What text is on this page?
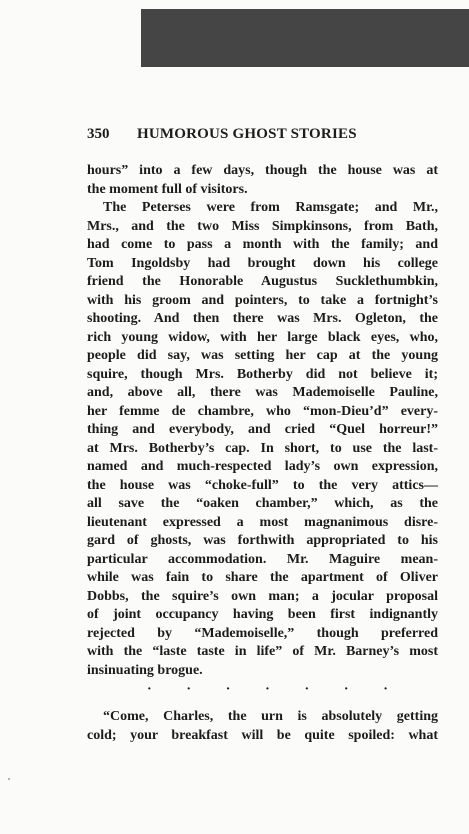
350 HUMOROUS GHOST STORIES
hours” into a few days, though the house was at
the moment full of visitors.
The Peterses were from Ramsgate; and Mr.,
Mrs., and the two Miss Simpkinsons, from Bath,
had come to pass a month with the family; and
Tom Ingoldsby had brought down his college
friend the Honorable Augustus Sucklethumbkin,
with his groom and pointers, to take a fortnight’s
shooting. And then there was Mrs. Ogleton, the
rich young widow, with her large black eyes, who,
people did say, was setting her cap at the young
squire, though Mrs. Botherby did not believe it;
and, above all, there was Mademoiselle Pauline,
her femme de chambre, who “mon-Dieu’d” every-
thing and everybody, and cried “Quel horreur!”
at Mrs. Botherby’s cap. In short, to use the last-
named and much-respected lady’s own expression,
the house was “choke-full” to the very attics—
all save the “oaken chamber,” which, as the
lieutenant expressed a most magnanimous disre-
gard of ghosts, was forthwith appropriated to his
particular accommodation. Mr. Maguire mean-
while was fain to share the apartment of Oliver
Dobbs, the squire’s own man; a jocular proposal
of joint occupancy having been first indignantly
rejected by “Mademoiselle,” though preferred
with the “laste taste in life” of Mr. Barney’s most
insinuating brogue.
· · · · · · ·
“Come, Charles, the urn is absolutely getting
cold; your breakfast will be quite spoiled: what
